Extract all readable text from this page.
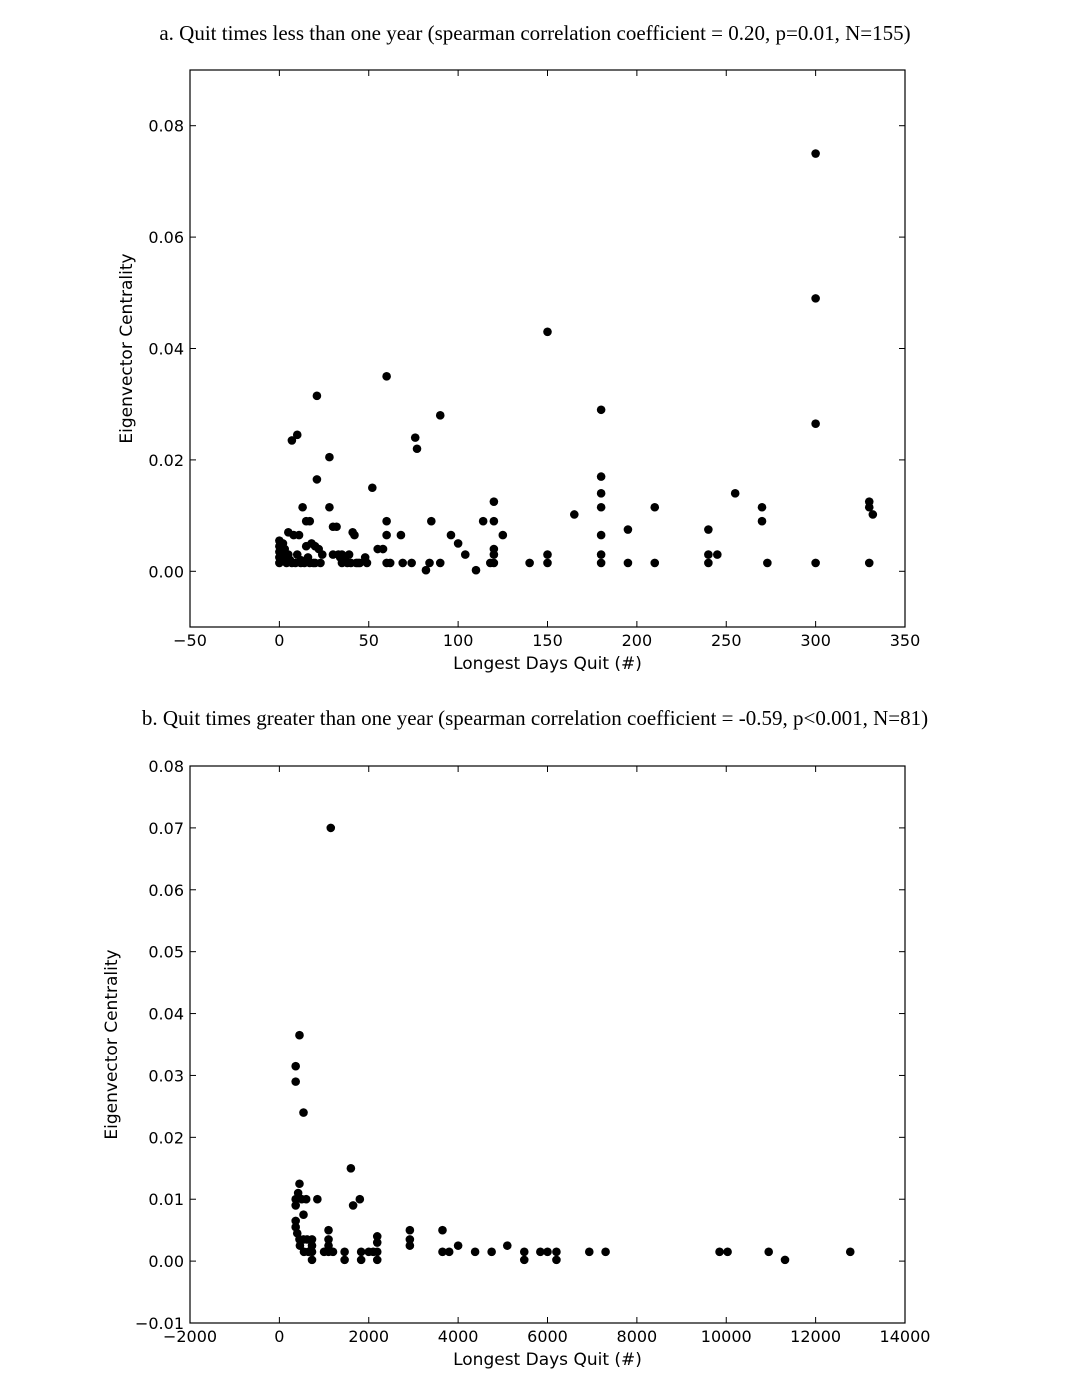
a. Quit times less than one year (spearman correlation coefficient = 0.20, p=0.01, N=155)
b. Quit times greater than one year (spearman correlation coefficient = -0.59, p<0.001, N=81)
−50	0	50	100	150	200	250	300	350
0.00
0.02
0.04
0.06
0.08
Longest Days Quit (#)
Eigenvector Centrality
−2000	0	2000	4000	6000	8000	10000 12000 14000
−0.01
0.00
0.01
0.02
0.03
0.04
0.05
0.06
0.07
0.08
Longest Days Quit (#)
Eigenvector Centrality
